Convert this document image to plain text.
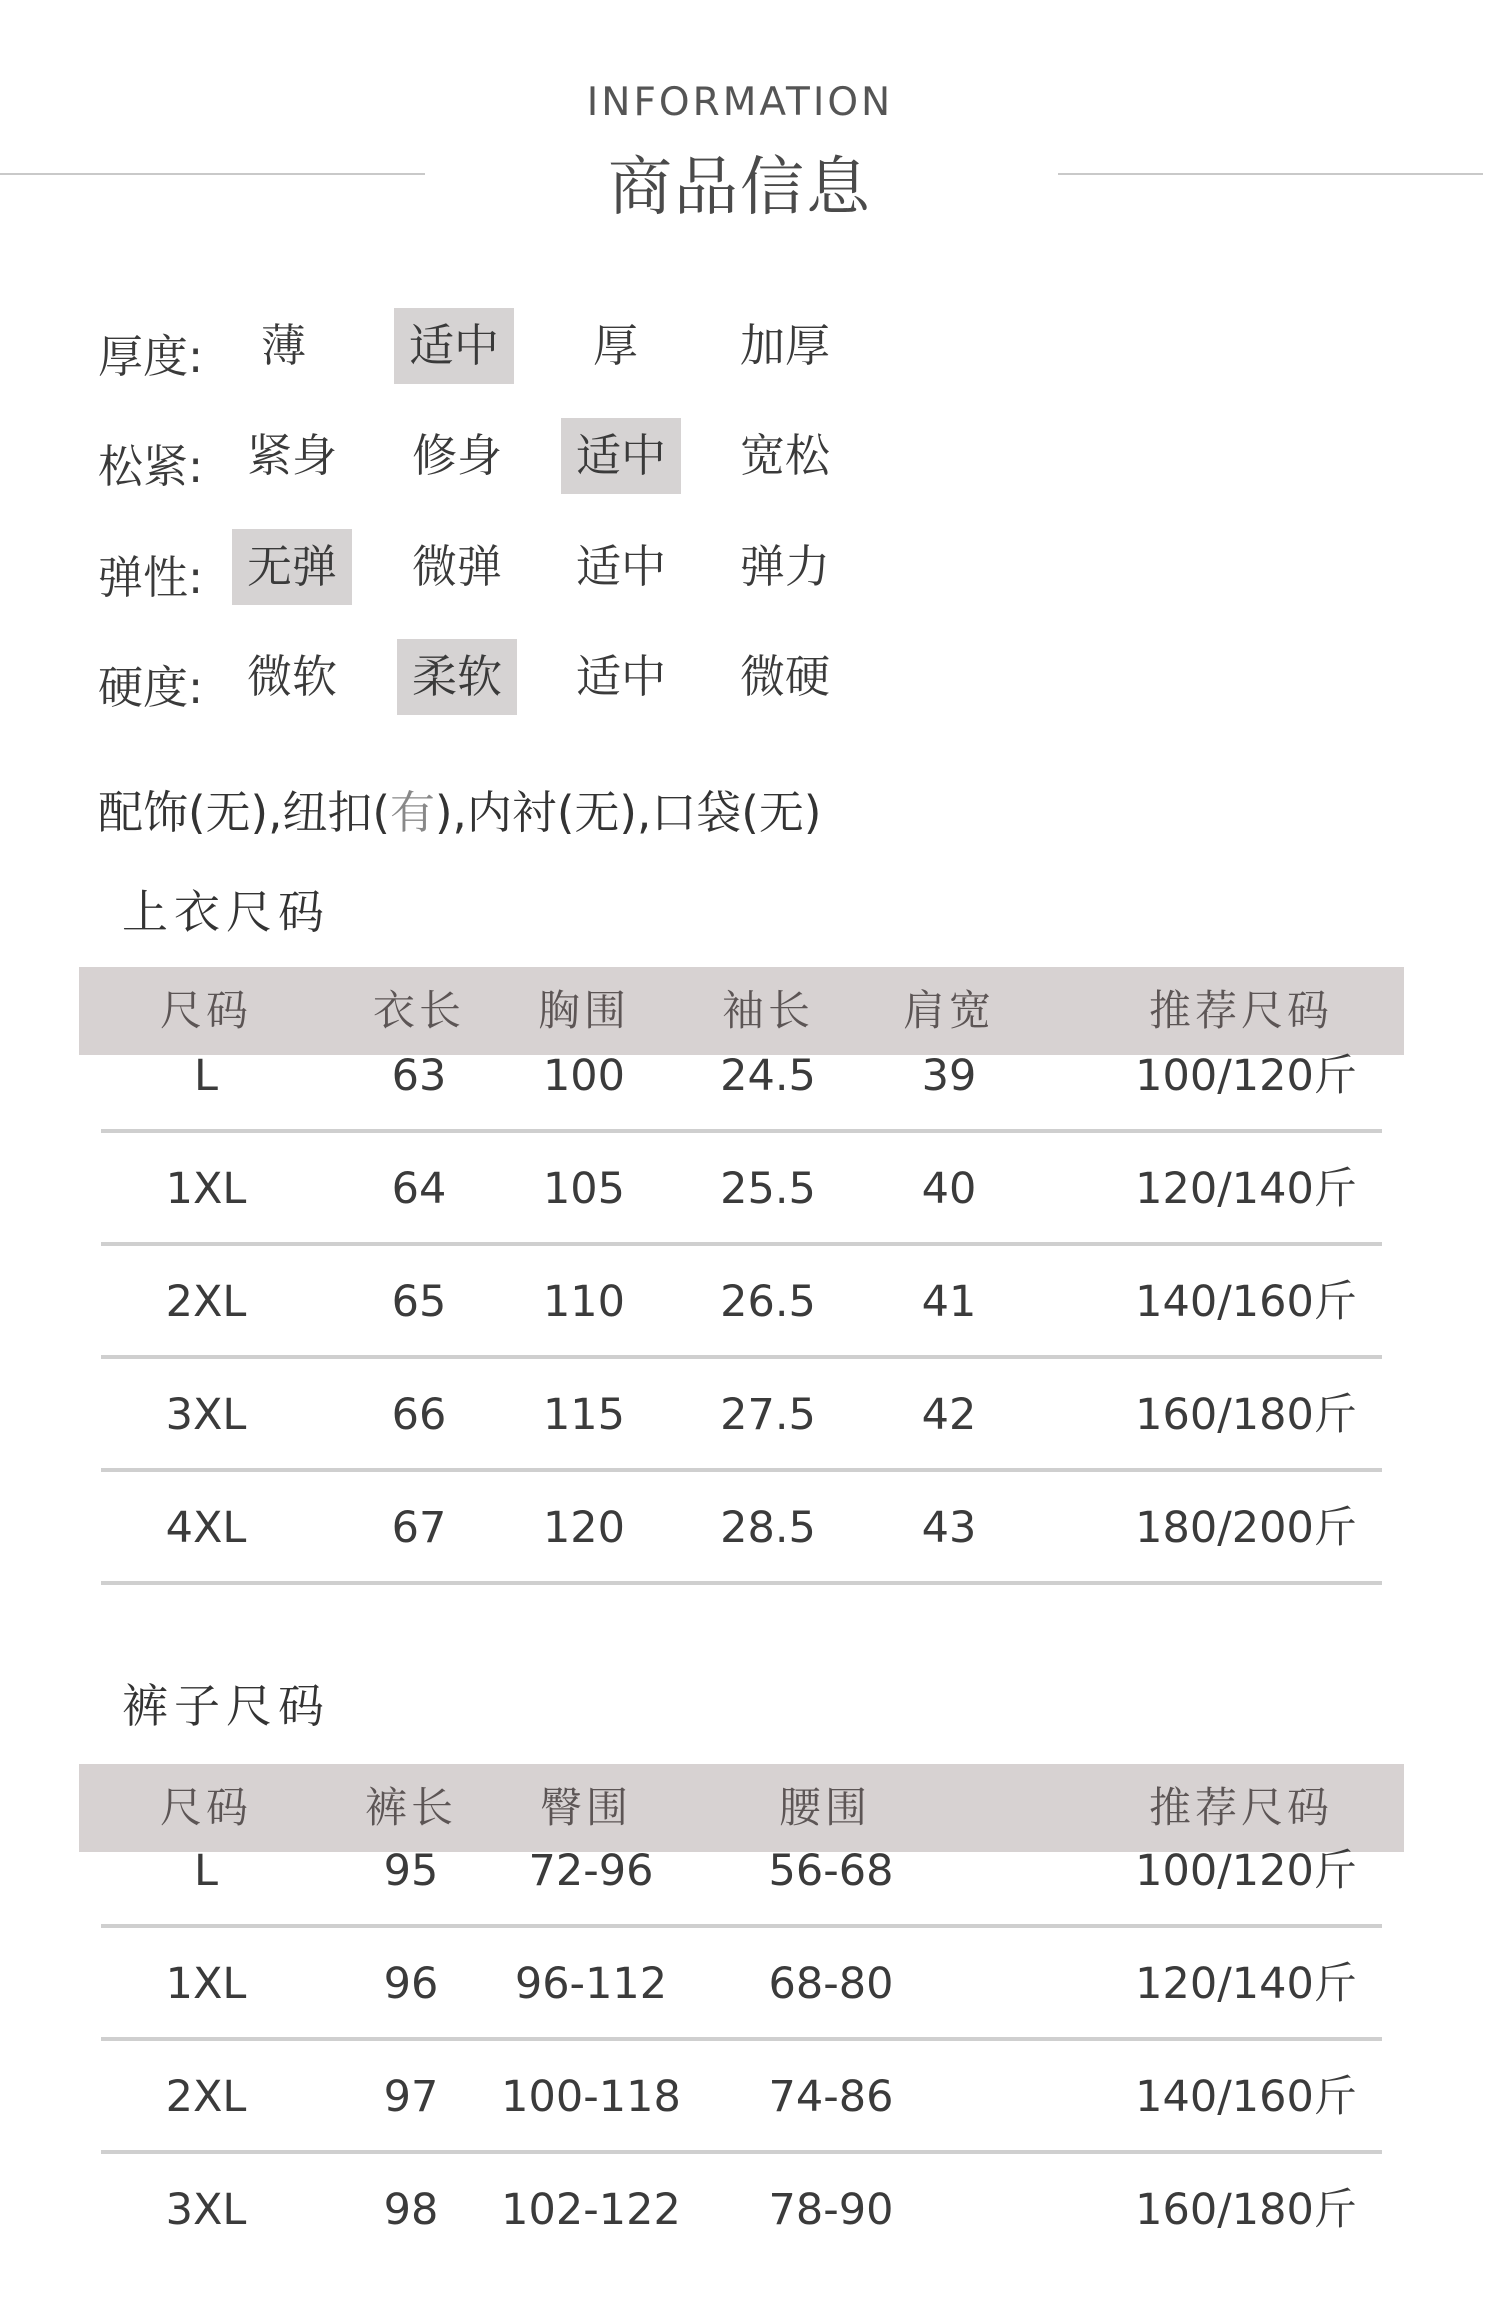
INFORMATION
商品信息
厚度:	薄	适中	厚	加厚
松紧: 紧身	修身	适中	宽松
弹性: 无弹	微弹	适中	弹力
硬度: 微软	柔软	适中	微硬
配饰(无),纽扣(有),内衬(无),口袋(无)
上衣尺码
尺码	衣长	胸围	袖长	肩宽	推荐尺码
L	63	100	24.5	39	100/120斤
1XL	64	105	25.5	40	120/140斤
2XL	65	110	26.5	41	140/160斤
3XL	66	115	27.5	42	160/180斤
4XL	67	120	28.5	43	180/200斤
裤子尺码
尺码	裤长	臀围	腰围	推荐尺码
L	95	72-96	56-68	100/120斤
1XL	96	96-112	68-80	120/140斤
2XL	97	100-118	74-86	140/160斤
3XL	98	102-122	78-90	160/180斤
